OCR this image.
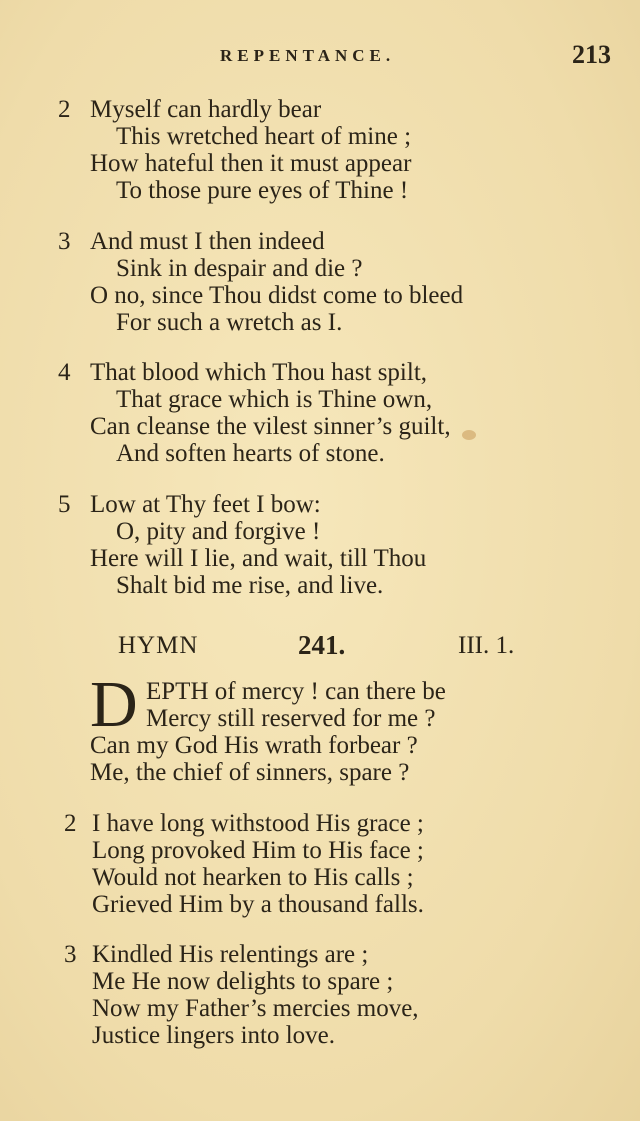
REPENTANCE.	213
2 Myself can hardly bear
This wretched heart of mine ;
How hateful then it must appear
To those pure eyes of Thine !
3 And must I then indeed
Sink in despair and die ?
O no, since Thou didst come to bleed
For such a wretch as I.
4 That blood which Thou hast spilt,
That grace which is Thine own,
Can cleanse the vilest sinner’s guilt,
And soften hearts of stone.
5 Low at Thy feet I bow:
O, pity and forgive !
Here will I lie, and wait, till Thou
Shalt bid me rise, and live.
HYMN	241.	III. 1.
D EPTH of mercy ! can there be
Mercy still reserved for me ?
Can my God His wrath forbear ?
Me, the chief of sinners, spare ?
2 I have long withstood His grace ;
Long provoked Him to His face ;
Would not hearken to His calls ;
Grieved Him by a thousand falls.
3 Kindled His relentings are ;
Me He now delights to spare ;
Now my Father’s mercies move,
Justice lingers into love.
